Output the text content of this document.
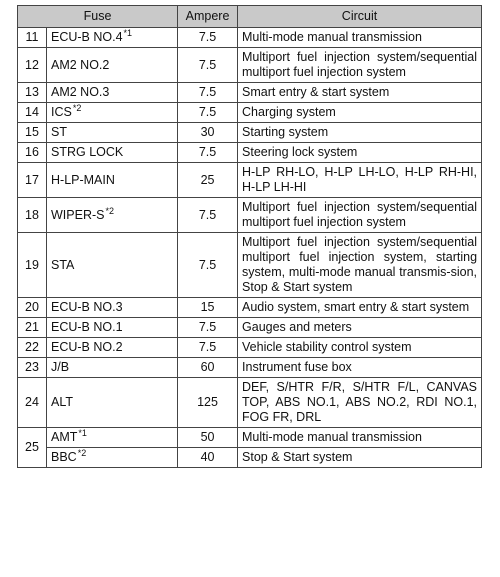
Fuse		Ampere	Circuit
11	ECU-B NO.4$^{*1}$	7.5	Multi-mode manual transmission
12	AM2 NO.2	7.5	Multiport fuel injection system/sequential multiport fuel injection system
13	AM2 NO.3	7.5	Smart entry & start system
14	ICS$^{*2}$	7.5	Charging system
15	ST	30	Starting system
16	STRG LOCK	7.5	Steering lock system
17	H-LP-MAIN	25	H-LP RH-LO, H-LP LH-LO, H-LP RH-HI, H-LP LH-HI
18	WIPER-$S^{*2}$	7.5	Multiport fuel injection system/sequential multiport fuel injection system
19	STA	7.5	Multiport fuel injection system/sequential multiport fuel injection system, starting system, multi-mode manual transmis-sion, Stop & Start system
20	ECU-B NO.3	15	Audio system, smart entry & start system
21	ECU-B NO.1	7.5	Gauges and meters
22	ECU-B NO.2	7.5	Vehicle stability control system
23	J/B	60	Instrument fuse box
24	ALT	125	DEF, S/HTR F/R, S/HTR F/L, CANVAS TOP, ABS NO.1, ABS NO.2, RDI NO.1, FOG FR, DRL
25	AMT$^{*1}$	50	Multi-mode manual transmission
	BBC$^{*2}$	40	Stop & Start system
